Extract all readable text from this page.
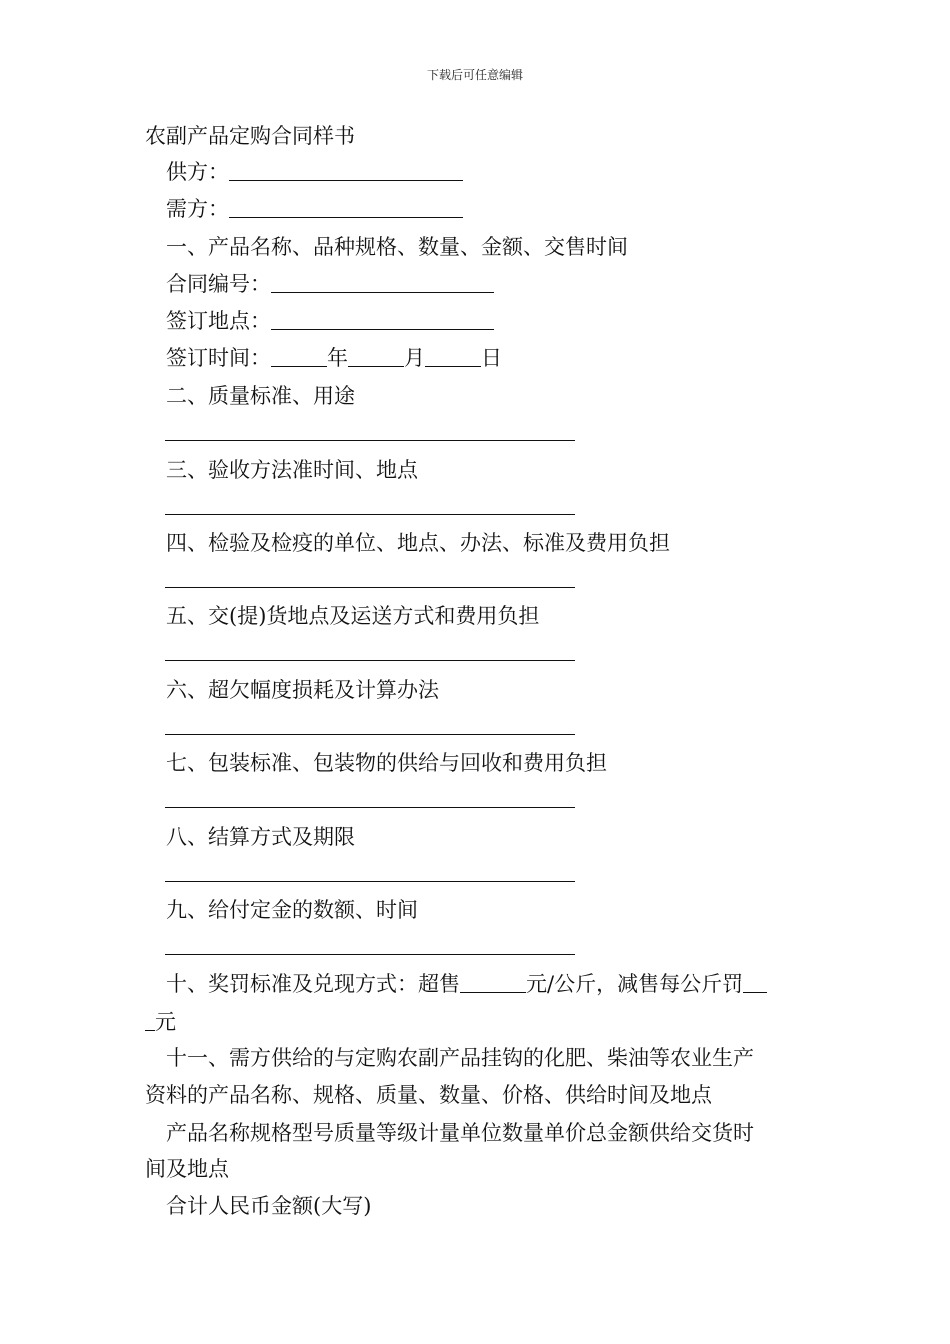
下载后可任意编辑
农副产品定购合同样书
供方：
需方：
一、产品名称、品种规格、数量、金额、交售时间
合同编号：
签订地点：
签订时间：	年	月	日
二、质量标准、用途
三、验收方法准时间、地点
四、检验及检疫的单位、地点、办法、标准及费用负担
五、交(提)货地点及运送方式和费用负担
六、超欠幅度损耗及计算办法
七、包装标准、包装物的供给与回收和费用负担
八、结算方式及期限
九、给付定金的数额、时间
十、奖罚标准及兑现方式：超售	元/公斤，减售每公斤罚
元
十一、需方供给的与定购农副产品挂钩的化肥、柴油等农业生产
资料的产品名称、规格、质量、数量、价格、供给时间及地点
产品名称规格型号质量等级计量单位数量单价总金额供给交货时
间及地点
合计人民币金额(大写)
